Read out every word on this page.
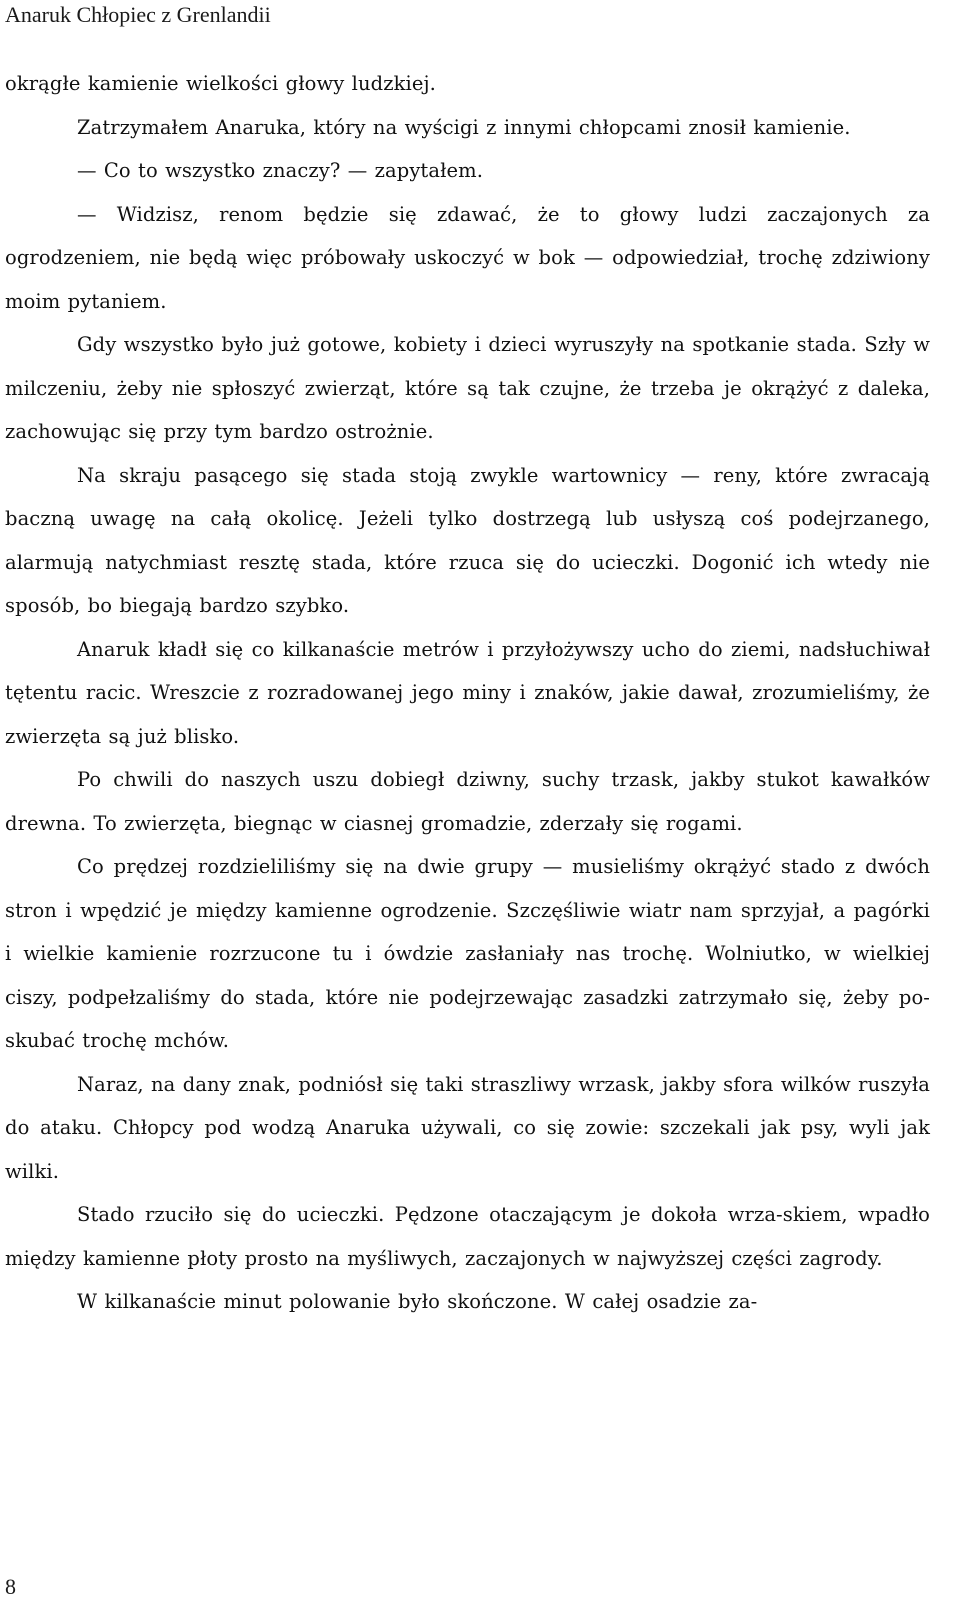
Anaruk Chłopiec z Grenlandii

okrągłe kamienie wielkości głowy ludzkiej.

Zatrzymałem Anaruka, który na wyścigi z innymi chłopcami znosił kamienie.

— Co to wszystko znaczy? — zapytałem.

— Widzisz, renom będzie się zdawać, że to głowy ludzi zaczajonych za ogrodzeniem, nie będą więc próbowały uskoczyć w bok — odpowiedział, trochę zdziwiony moim pytaniem.

Gdy wszystko było już gotowe, kobiety i dzieci wyruszyły na spotkanie stada. Szły w milczeniu, żeby nie spłoszyć zwierząt, które są tak czujne, że trzeba je okrążyć z daleka, zachowując się przy tym bardzo ostrożnie.

Na skraju pasącego się stada stoją zwykle wartownicy — reny, które zwracają baczną uwagę na całą okolicę. Jeżeli tylko dostrzegą lub usłyszą coś podejrzanego, alarmują natychmiast resztę stada, które rzuca się do ucieczki. Dogonić ich wtedy nie sposób, bo biegają bardzo szybko.

Anaruk kładł się co kilkanaście metrów i przyłożywszy ucho do ziemi, nadsłuchiwał tętentu racic. Wreszcie z rozradowanej jego miny i znaków, jakie dawał, zrozumieliśmy, że zwierzęta są już blisko.

Po chwili do naszych uszu dobiegł dziwny, suchy trzask, jakby stukot kawałków drewna. To zwierzęta, biegnąc w ciasnej gromadzie, zderzały się rogami.

Co prędzej rozdzieliliśmy się na dwie grupy — musieliśmy okrążyć stado z dwóch stron i wpędzić je między kamienne ogrodzenie. Szczęśliwie wiatr nam sprzyjał, a pagórki i wielkie kamienie rozrzucone tu i ówdzie zasłaniały nas trochę. Wolniutko, w wielkiej ciszy, podpełzaliśmy do stada, które nie podejrzewając zasadzki zatrzymało się, żeby po-skubać trochę mchów.

Naraz, na dany znak, podniósł się taki straszliwy wrzask, jakby sfora wilków ruszyła do ataku. Chłopcy pod wodzą Anaruka używali, co się zowie: szczekali jak psy, wyli jak wilki.

Stado rzuciło się do ucieczki. Pędzone otaczającym je dokoła wrza-skiem, wpadło między kamienne płoty prosto na myśliwych, zaczajonych w najwyższej części zagrody.

W kilkanaście minut polowanie było skończone. W całej osadzie za-

8
